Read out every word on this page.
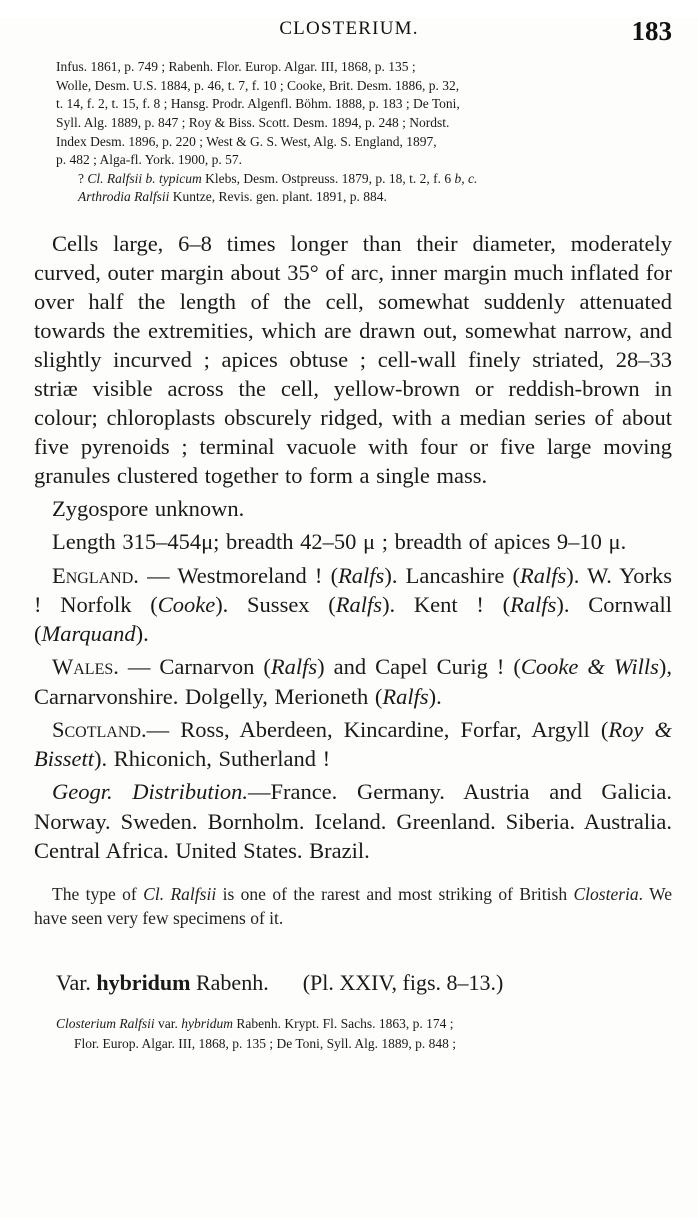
CLOSTERIUM.	183
Infus. 1861, p. 749 ; Rabenh. Flor. Europ. Algar. III, 1868, p. 135 ;
Wolle, Desm. U.S. 1884, p. 46, t. 7, f. 10 ; Cooke, Brit. Desm. 1886, p. 32,
t. 14, f. 2, t. 15, f. 8 ; Hansg. Prodr. Algenfl. Böhm. 1888, p. 183 ; De Toni,
Syll. Alg. 1889, p. 847 ; Roy & Biss. Scott. Desm. 1894, p. 248 ; Nordst.
Index Desm. 1896, p. 220 ; West & G. S. West, Alg. S. England, 1897,
p. 482 ; Alga-fl. York. 1900, p. 57.
? Cl. Ralfsii b. typicum Klebs, Desm. Ostpreuss. 1879, p. 18, t. 2, f. 6 b, c.
Arthrodia Ralfsii Kuntze, Revis. gen. plant. 1891, p. 884.
Cells large, 6–8 times longer than their diameter, moderately curved, outer margin about 35° of arc, inner margin much inflated for over half the length of the cell, somewhat suddenly attenuated towards the extremities, which are drawn out, somewhat narrow, and slightly incurved ; apices obtuse ; cell-wall finely striated, 28–33 striæ visible across the cell, yellow-brown or reddish-brown in colour; chloroplasts obscurely ridged, with a median series of about five pyrenoids ; terminal vacuole with four or five large moving granules clustered together to form a single mass.
Zygospore unknown.
Length 315–454μ; breadth 42–50 μ ; breadth of apices 9–10 μ.
England. — Westmoreland ! (Ralfs). Lancashire (Ralfs). W. Yorks ! Norfolk (Cooke). Sussex (Ralfs). Kent ! (Ralfs). Cornwall (Marquand).
Wales. — Carnarvon (Ralfs) and Capel Curig ! (Cooke & Wills), Carnarvonshire. Dolgelly, Merioneth (Ralfs).
Scotland.— Ross, Aberdeen, Kincardine, Forfar, Argyll (Roy & Bissett). Rhiconich, Sutherland !
Geogr. Distribution.—France. Germany. Austria and Galicia. Norway. Sweden. Bornholm. Iceland. Greenland. Siberia. Australia. Central Africa. United States. Brazil.
The type of Cl. Ralfsii is one of the rarest and most striking of British Closteria. We have seen very few specimens of it.
Var. hybridum Rabenh. (Pl. XXIV, figs. 8–13.)
Closterium Ralfsii var. hybridum Rabenh. Krypt. Fl. Sachs. 1863, p. 174 ;
Flor. Europ. Algar. III, 1868, p. 135 ; De Toni, Syll. Alg. 1889, p. 848 ;
